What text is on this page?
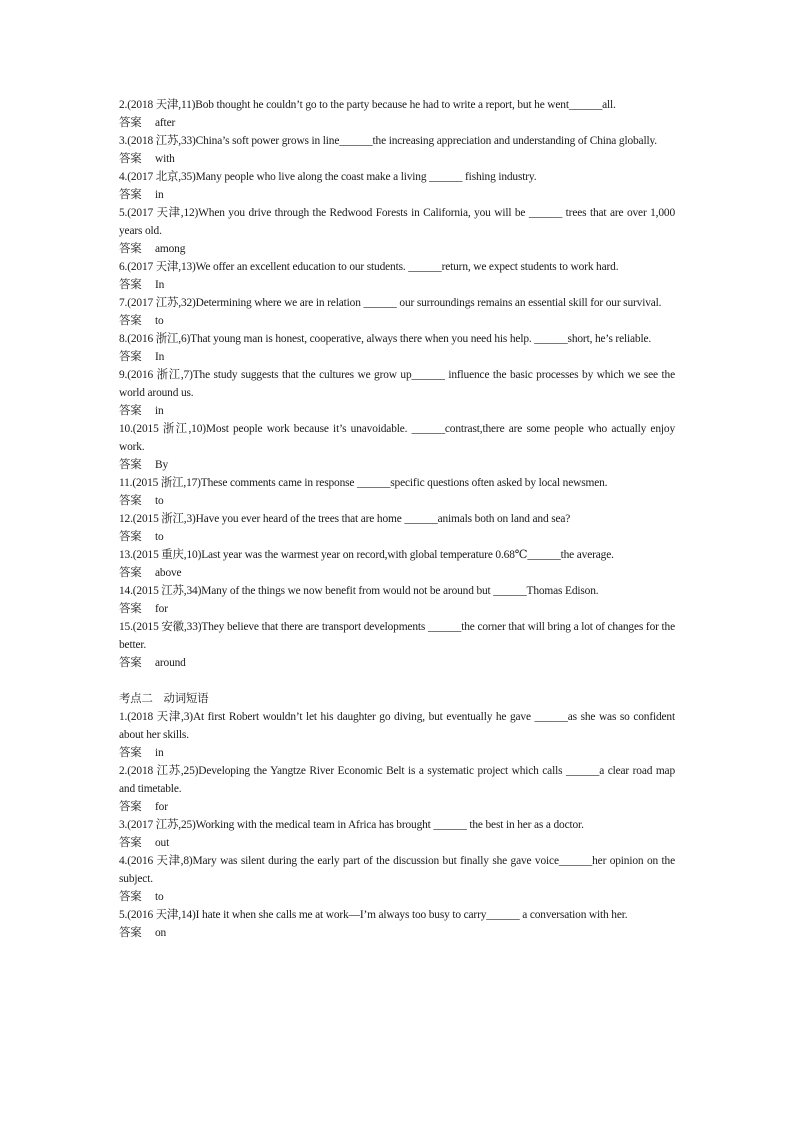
2.(2018 天津,11)Bob thought he couldn’t go to the party because he had to write a report, but he went______all.

答案 after

3.(2018 江苏,33)China’s soft power grows in line______the increasing appreciation and understanding of China globally.

答案 with

4.(2017 北京,35)Many people who live along the coast make a living ______ fishing industry.

答案 in

5.(2017 天津,12)When you drive through the Redwood Forests in California, you will be ______ trees that are over 1,000 years old.

答案 among

6.(2017 天津,13)We offer an excellent education to our students. ______return, we expect students to work hard.

答案 In

7.(2017 江苏,32)Determining where we are in relation ______ our surroundings remains an essential skill for our survival.

答案 to

8.(2016 浙江,6)That young man is honest, cooperative, always there when you need his help. ______short, he’s reliable.

答案 In

9.(2016 浙江,7)The study suggests that the cultures we grow up______ influence the basic processes by which we see the world around us.

答案 in

10.(2015 浙江,10)Most people work because it’s unavoidable. ______contrast,there are some people who actually enjoy work.

答案 By

11.(2015 浙江,17)These comments came in response ______specific questions often asked by local newsmen.

答案 to

12.(2015 浙江,3)Have you ever heard of the trees that are home ______animals both on land and sea?

答案 to

13.(2015 重庆,10)Last year was the warmest year on record,with global temperature 0.68℃______the average.

答案 above

14.(2015 江苏,34)Many of the things we now benefit from would not be around but ______Thomas Edison.

答案 for

15.(2015 安徽,33)They believe that there are transport developments ______the corner that will bring a lot of changes for the better.

答案 around

考点二    动词短语

1.(2018 天津,3)At first Robert wouldn’t let his daughter go diving, but eventually he gave ______as she was so confident about her skills.

答案 in

2.(2018 江苏,25)Developing the Yangtze River Economic Belt is a systematic project which calls ______a clear road map and timetable.

答案 for

3.(2017 江苏,25)Working with the medical team in Africa has brought ______ the best in her as a doctor.

答案 out

4.(2016 天津,8)Mary was silent during the early part of the discussion but finally she gave voice______her opinion on the subject.

答案 to

5.(2016 天津,14)I hate it when she calls me at work—I’m always too busy to carry______ a conversation with her.

答案 on
